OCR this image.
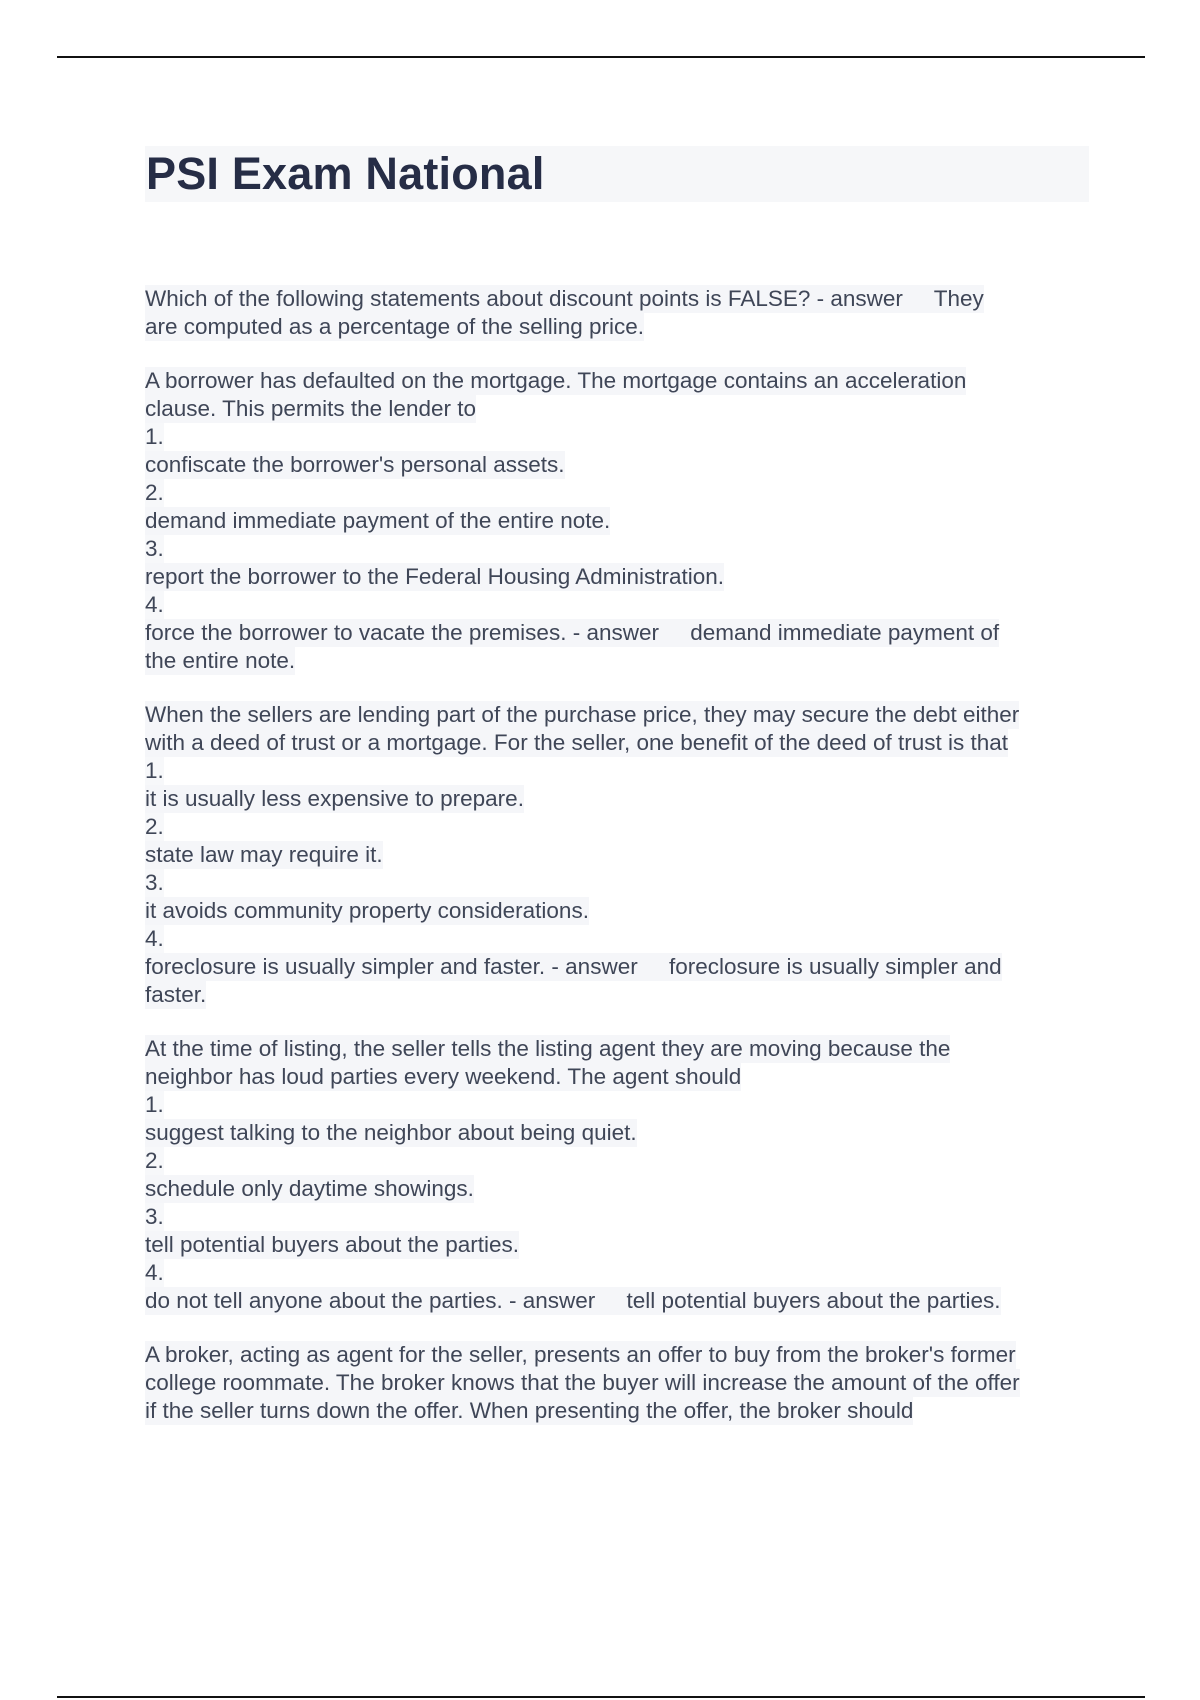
PSI Exam National
Which of the following statements about discount points is FALSE? - answer     They
are computed as a percentage of the selling price.
A borrower has defaulted on the mortgage. The mortgage contains an acceleration
clause. This permits the lender to
1.
confiscate the borrower's personal assets.
2.
demand immediate payment of the entire note.
3.
report the borrower to the Federal Housing Administration.
4.
force the borrower to vacate the premises. - answer     demand immediate payment of
the entire note.
When the sellers are lending part of the purchase price, they may secure the debt either
with a deed of trust or a mortgage. For the seller, one benefit of the deed of trust is that
1.
it is usually less expensive to prepare.
2.
state law may require it.
3.
it avoids community property considerations.
4.
foreclosure is usually simpler and faster. - answer     foreclosure is usually simpler and
faster.
At the time of listing, the seller tells the listing agent they are moving because the
neighbor has loud parties every weekend. The agent should
1.
suggest talking to the neighbor about being quiet.
2.
schedule only daytime showings.
3.
tell potential buyers about the parties.
4.
do not tell anyone about the parties. - answer     tell potential buyers about the parties.
A broker, acting as agent for the seller, presents an offer to buy from the broker's former
college roommate. The broker knows that the buyer will increase the amount of the offer
if the seller turns down the offer. When presenting the offer, the broker should
